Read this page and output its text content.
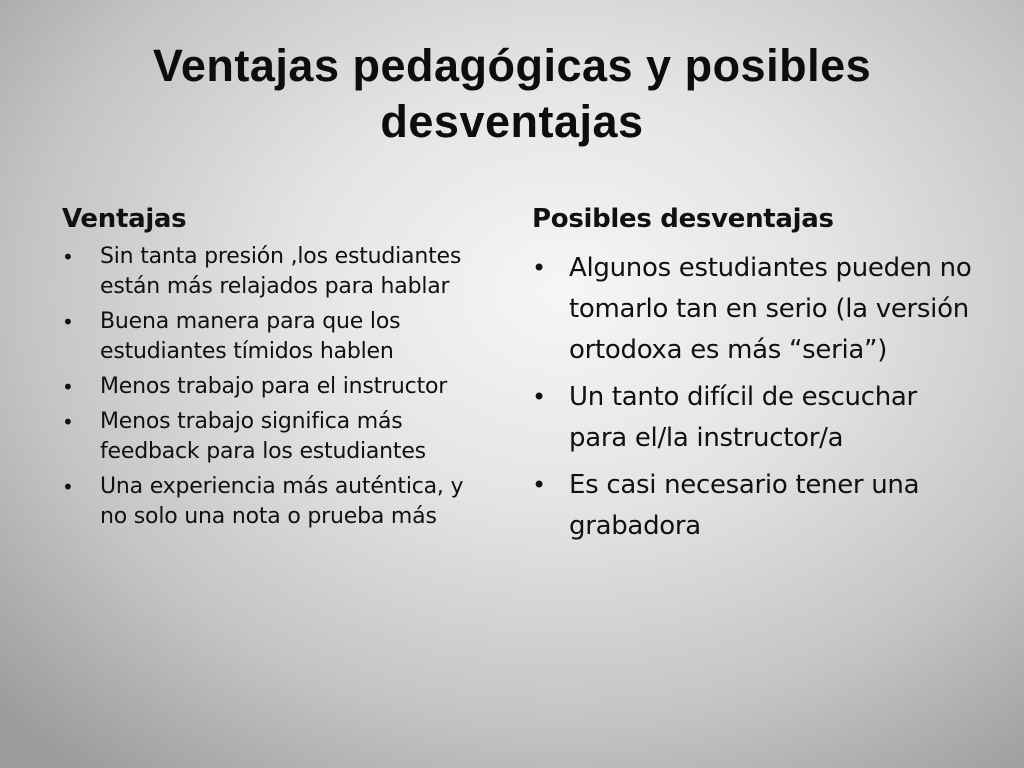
Ventajas pedagógicas y posibles desventajas
Ventajas
• Sin tanta presión ,los estudiantes están más relajados para hablar
• Buena manera para que los estudiantes tímidos hablen
• Menos trabajo para el instructor
• Menos trabajo significa más feedback para los estudiantes
• Una experiencia más auténtica, y no solo una nota o prueba más
Posibles desventajas
• Algunos estudiantes pueden no tomarlo tan en serio (la versión ortodoxa es más “seria”)
• Un tanto difícil de escuchar para el/la instructor/a
• Es casi necesario tener una grabadora
